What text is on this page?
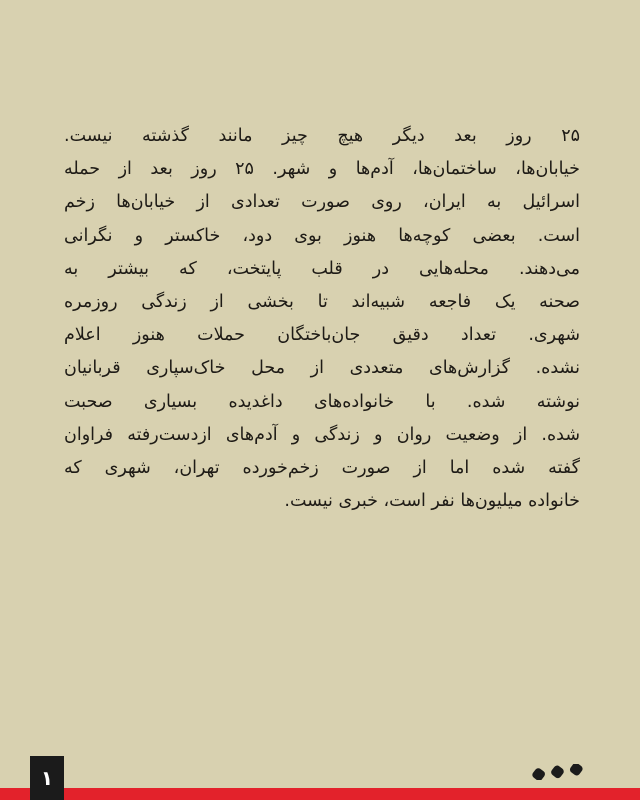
۲۵ روز بعد دیگر هیچ چیز مانند گذشته نیست.
خیابان‌ها، ساختمان‌ها، آدم‌ها و شهر. ۲۵ روز بعد از حمله
اسرائیل به ایران، روی صورت تعدادی از خیابان‌ها زخم
است. بعضی کوچه‌ها هنوز بوی دود، خاکستر و نگرانی
می‌دهند. محله‌هایی در قلب پایتخت، که بیشتر به
صحنه یک فاجعه شبیه‌اند تا بخشی از زندگی روزمره
شهری. تعداد دقیق جان‌باختگان حملات هنوز اعلام
نشده. گزارش‌های متعددی از محل خاک‌سپاری قربانیان
نوشته شده. با خانواده‌های داغدیده بسیاری صحبت
شده. از وضعیت روان و زندگی و آدم‌های ازدست‌رفته فراوان
گفته شده اما از صورت زخم‌خورده تهران، شهری که
خانواده میلیون‌ها نفر است، خبری نیست.
۱
